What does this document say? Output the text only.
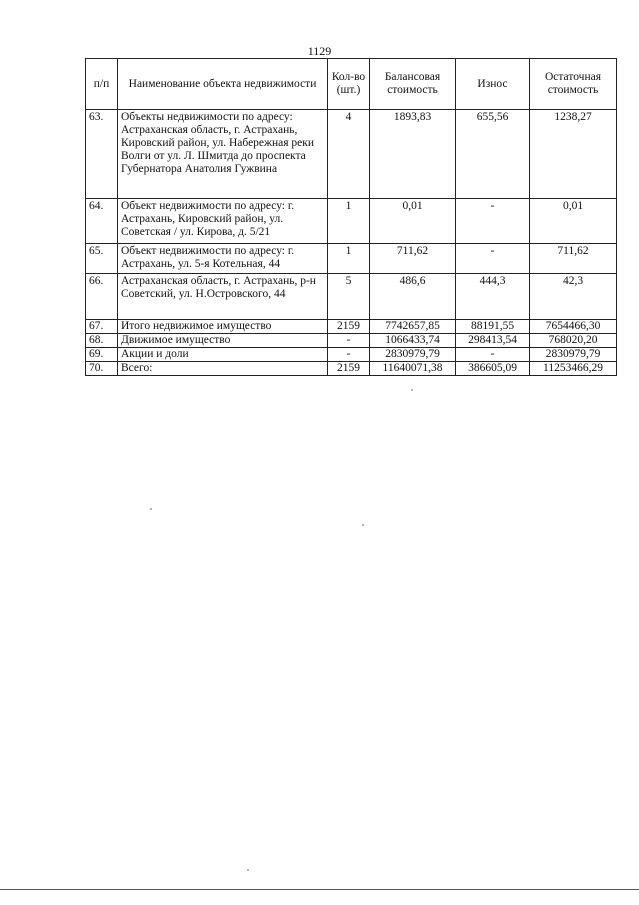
1129
п/п	Наименование объекта недвижимости	Кол-во (шт.)	Балансовая стоимость	Износ	Остаточная стоимость
63.	Объекты недвижимости по адресу: Астраханская область, г. Астрахань, Кировский район, ул. Набережная реки Волги от ул. Л. Шмитда до проспекта Губернатора Анатолия Гужвина	4	1893,83	655,56	1238,27
64.	Объект недвижимости по адресу: г. Астрахань, Кировский район, ул. Советская / ул. Кирова, д. 5/21	1	0,01	-	0,01
65.	Объект недвижимости по адресу: г. Астрахань, ул. 5-я Котельная, 44	1	711,62	-	711,62
66.	Астраханская область, г. Астрахань, р-н Советский, ул. Н.Островского, 44	5	486,6	444,3	42,3
67.	Итого недвижимое имущество	2159	7742657,85	88191,55	7654466,30
68.	Движимое имущество	-	1066433,74	298413,54	768020,20
69.	Акции и доли	-	2830979,79	-	2830979,79
70.	Всего:	2159	11640071,38	386605,09	11253466,29
